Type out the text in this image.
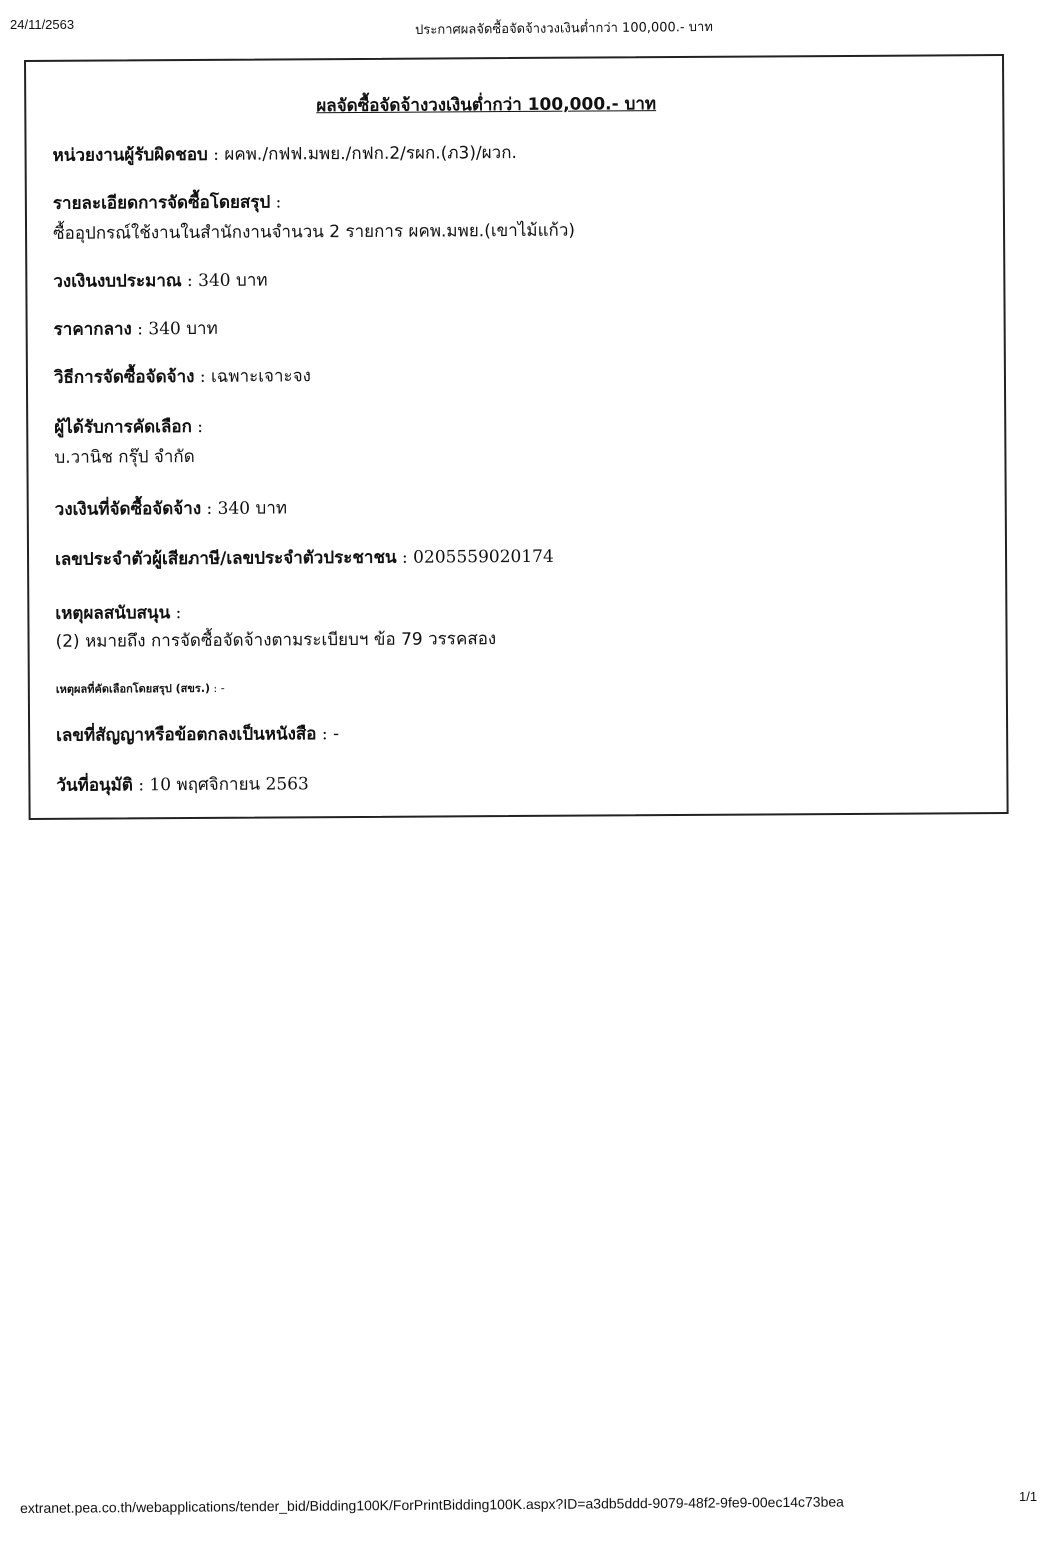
24/11/2563	ประกาศผลจัดซื้อจัดจ้างวงเงินต่ำกว่า 100,000.- บาท
ผลจัดซื้อจัดจ้างวงเงินต่ำกว่า 100,000.- บาท
หน่วยงานผู้รับผิดชอบ : ผคพ./กฟฟ.มพย./กฟก.2/รผก.(ภ3)/ผวก.
รายละเอียดการจัดซื้อโดยสรุป :
ซื้ออุปกรณ์ใช้งานในสำนักงานจำนวน 2 รายการ ผคพ.มพย.(เขาไม้แก้ว)
วงเงินงบประมาณ : 340 บาท
ราคากลาง : 340 บาท
วิธีการจัดซื้อจัดจ้าง : เฉพาะเจาะจง
ผู้ได้รับการคัดเลือก :
บ.วานิช กรุ๊ป จำกัด
วงเงินที่จัดซื้อจัดจ้าง : 340 บาท
เลขประจำตัวผู้เสียภาษี/เลขประจำตัวประชาชน : 0205559020174
เหตุผลสนับสนุน :
(2) หมายถึง การจัดซื้อจัดจ้างตามระเบียบฯ ข้อ 79 วรรคสอง
เหตุผลที่คัดเลือกโดยสรุป (สขร.) : -
เลขที่สัญญาหรือข้อตกลงเป็นหนังสือ : -
วันที่อนุมัติ : 10 พฤศจิกายน 2563
1/1
extranet.pea.co.th/webapplications/tender_bid/Bidding100K/ForPrintBidding100K.aspx?ID=a3db5ddd-9079-48f2-9fe9-00ec14c73bea
